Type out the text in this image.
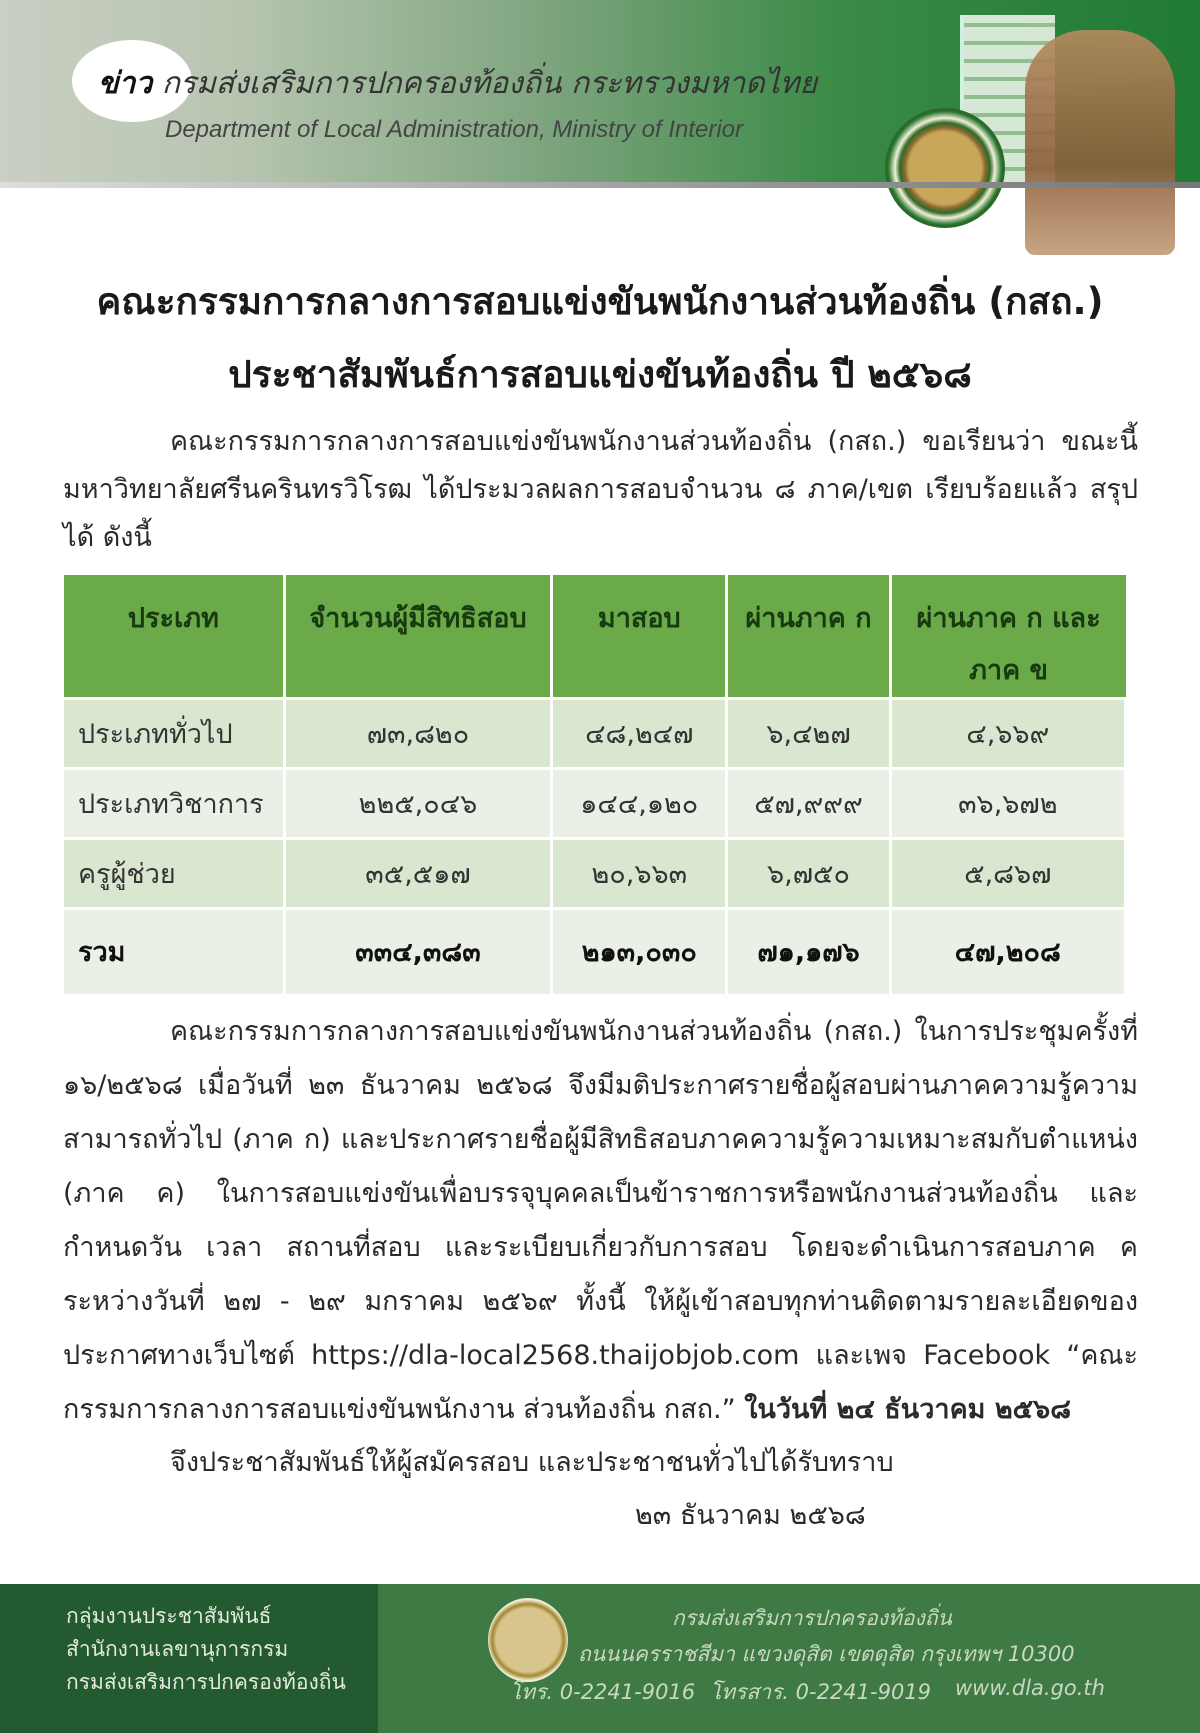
ข่าว กรมส่งเสริมการปกครองท้องถิ่น กระทรวงมหาดไทย
Department of Local Administration, Ministry of Interior
คณะกรรมการกลางการสอบแข่งขันพนักงานส่วนท้องถิ่น (กสถ.)
ประชาสัมพันธ์การสอบแข่งขันท้องถิ่น ปี ๒๕๖๘
คณะกรรมการกลางการสอบแข่งขันพนักงานส่วนท้องถิ่น (กสถ.) ขอเรียนว่า ขณะนี้ มหาวิทยาลัยศรีนครินทรวิโรฒ ได้ประมวลผลการสอบจำนวน ๘ ภาค/เขต เรียบร้อยแล้ว สรุปได้ ดังนี้
ประเภท	จำนวนผู้มีสิทธิสอบ	มาสอบ	ผ่านภาค ก	ผ่านภาค ก และ ภาค ข
ประเภททั่วไป	๗๓,๘๒๐	๔๘,๒๔๗	๖,๔๒๗	๔,๖๖๙
ประเภทวิชาการ	๒๒๕,๐๔๖	๑๔๔,๑๒๐	๕๗,๙๙๙	๓๖,๖๗๒
ครูผู้ช่วย	๓๕,๕๑๗	๒๐,๖๖๓	๖,๗๕๐	๕,๘๖๗
รวม	๓๓๔,๓๘๓	๒๑๓,๐๓๐	๗๑,๑๗๖	๔๗,๒๐๘
คณะกรรมการกลางการสอบแข่งขันพนักงานส่วนท้องถิ่น (กสถ.) ในการประชุมครั้งที่ ๑๖/๒๕๖๘ เมื่อวันที่ ๒๓ ธันวาคม ๒๕๖๘ จึงมีมติประกาศรายชื่อผู้สอบผ่านภาคความรู้ความสามารถทั่วไป (ภาค ก) และประกาศรายชื่อผู้มีสิทธิสอบภาคความรู้ความเหมาะสมกับตำแหน่ง (ภาค ค) ในการสอบแข่งขันเพื่อบรรจุบุคคลเป็นข้าราชการหรือพนักงานส่วนท้องถิ่น และกำหนดวัน เวลา สถานที่สอบ และระเบียบเกี่ยวกับการสอบ โดยจะดำเนินการสอบภาค ค ระหว่างวันที่ ๒๗ - ๒๙ มกราคม ๒๕๖๙ ทั้งนี้ ให้ผู้เข้าสอบทุกท่านติดตามรายละเอียดของประกาศทางเว็บไซต์ https://dla-local2568.thaijobjob.com และเพจ Facebook “คณะกรรมการกลางการสอบแข่งขันพนักงาน ส่วนท้องถิ่น กสถ.” ในวันที่ ๒๔ ธันวาคม ๒๕๖๘
จึงประชาสัมพันธ์ให้ผู้สมัครสอบ และประชาชนทั่วไปได้รับทราบ
๒๓ ธันวาคม ๒๕๖๘
กลุ่มงานประชาสัมพันธ์
สำนักงานเลขานุการกรม
กรมส่งเสริมการปกครองท้องถิ่น
กรมส่งเสริมการปกครองท้องถิ่น
ถนนนครราชสีมา แขวงดุสิต เขตดุสิต กรุงเทพฯ 10300
โทร. 0-2241-9016 โทรสาร. 0-2241-9019 www.dla.go.th
